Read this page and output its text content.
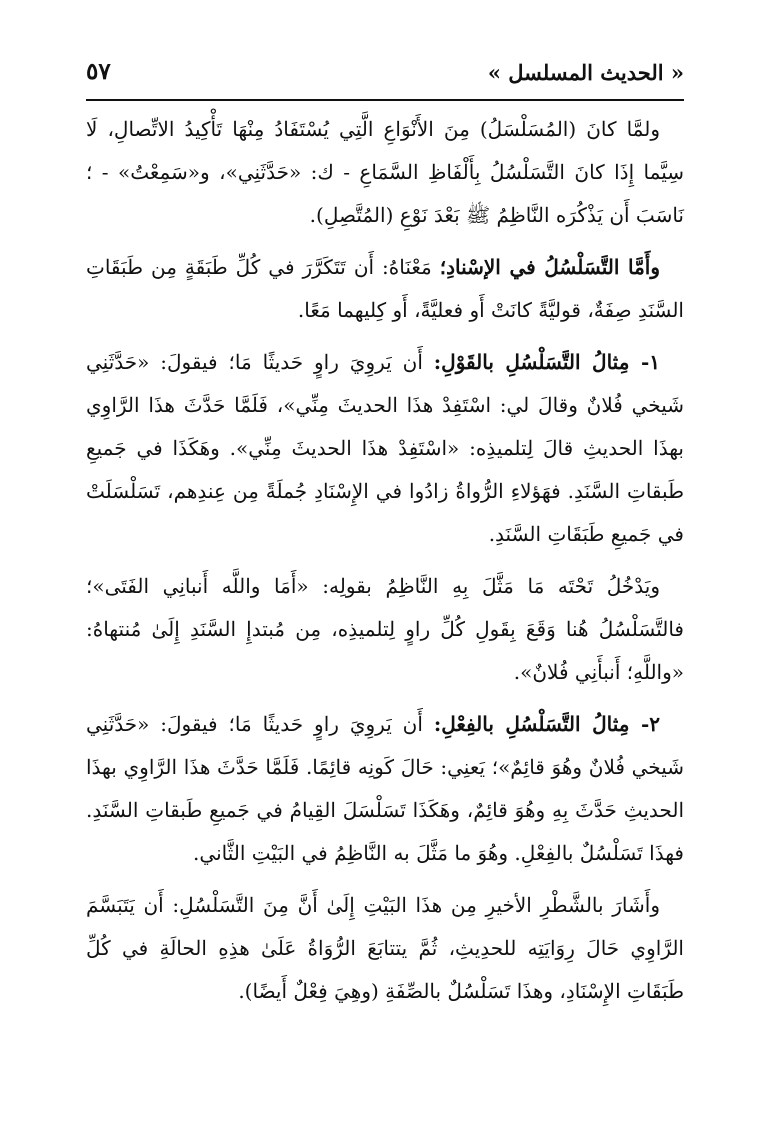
« الحديث المسلسل »
٥٧

ولمَّا كانَ (المُسَلْسَلُ) مِنَ الأَنْوَاعِ الَّتِي يُسْتَفَادُ مِنْهَا تَأْكِيدُ الاتِّصالِ، لَا سِيَّما إِذَا كانَ التَّسَلْسُلُ بِأَلْفَاظِ السَّمَاعِ - ك: «حَدَّثَنِي»، و«سَمِعْتُ» - ؛ نَاسَبَ أَن يَذْكُرَه النَّاظِمُ ﷺ بَعْدَ نَوْعِ (المُتَّصِلِ).

وأَمَّا التَّسَلْسُلُ في الإسْنادِ؛ مَعْنَاهُ: أَن تَتَكَرَّرَ في كُلِّ طَبَقَةٍ مِن طَبَقَاتِ السَّنَدِ صِفَةٌ، قوليَّةً كانَتْ أَو فعليَّةً، أَو كِليهما مَعًا.

١- مِثالُ التَّسَلْسُلِ بالقَوْلِ: أَن يَروِيَ راوٍ حَديثًا مَا؛ فيقولَ: «حَدَّثَنِي شَيخي فُلانٌ وقالَ لي: اسْتَفِدْ هذَا الحديثَ مِنِّي»، فَلَمَّا حَدَّثَ هذَا الرَّاوِي بهذَا الحديثِ قالَ لِتلميذِه: «اسْتَفِدْ هذَا الحديثَ مِنِّي». وهَكَذَا في جَميعِ طَبقاتِ السَّنَدِ. فهَؤلاءِ الرُّواةُ زادُوا في الإِسْنَادِ جُملَةً مِن عِندِهم، تَسَلْسَلَتْ في جَميعِ طَبَقَاتِ السَّنَدِ.

ويَدْخُلُ تَحْتَه مَا مَثَّلَ بِهِ النَّاظِمُ بقولِه: «أَمَا واللَّه أَنبانِي الفَتَى»؛ فالتَّسَلْسُلُ هُنا وَقَعَ بِقَولِ كُلِّ راوٍ لِتلميذِه، مِن مُبتدإِ السَّنَدِ إِلَىٰ مُنتهاهُ: «واللَّهِ؛ أَنبأَنِي فُلانٌ».

٢- مِثالُ التَّسَلْسُلِ بالفِعْلِ: أَن يَروِيَ راوٍ حَديثًا مَا؛ فيقولَ: «حَدَّثَنِي شَيخي فُلانٌ وهُوَ قائِمٌ»؛ يَعنِي: حَالَ كَونِه قائِمًا. فَلَمَّا حَدَّثَ هذَا الرَّاوِي بهذَا الحديثِ حَدَّثَ بِهِ وهُوَ قائِمٌ، وهَكَذَا تَسَلْسَلَ القِيامُ في جَميعِ طَبقاتِ السَّنَدِ. فهذَا تَسَلْسُلٌ بالفِعْلِ. وهُوَ ما مَثَّلَ به النَّاظِمُ في البَيْتِ الثَّاني.

وأَشَارَ بالشَّطْرِ الأخيرِ مِن هذَا البَيْتِ إِلَىٰ أَنَّ مِنَ التَّسَلْسُلِ: أَن يَتَبَسَّمَ الرَّاوِي حَالَ رِوَايَتِه للحدِيثِ، ثُمَّ يتتابَعَ الرُّوَاةُ عَلَىٰ هذِهِ الحالَةِ في كُلِّ طَبَقَاتِ الإِسْنَادِ، وهذَا تَسَلْسُلٌ بالصِّفَةِ (وهِيَ فِعْلٌ أَيضًا).
